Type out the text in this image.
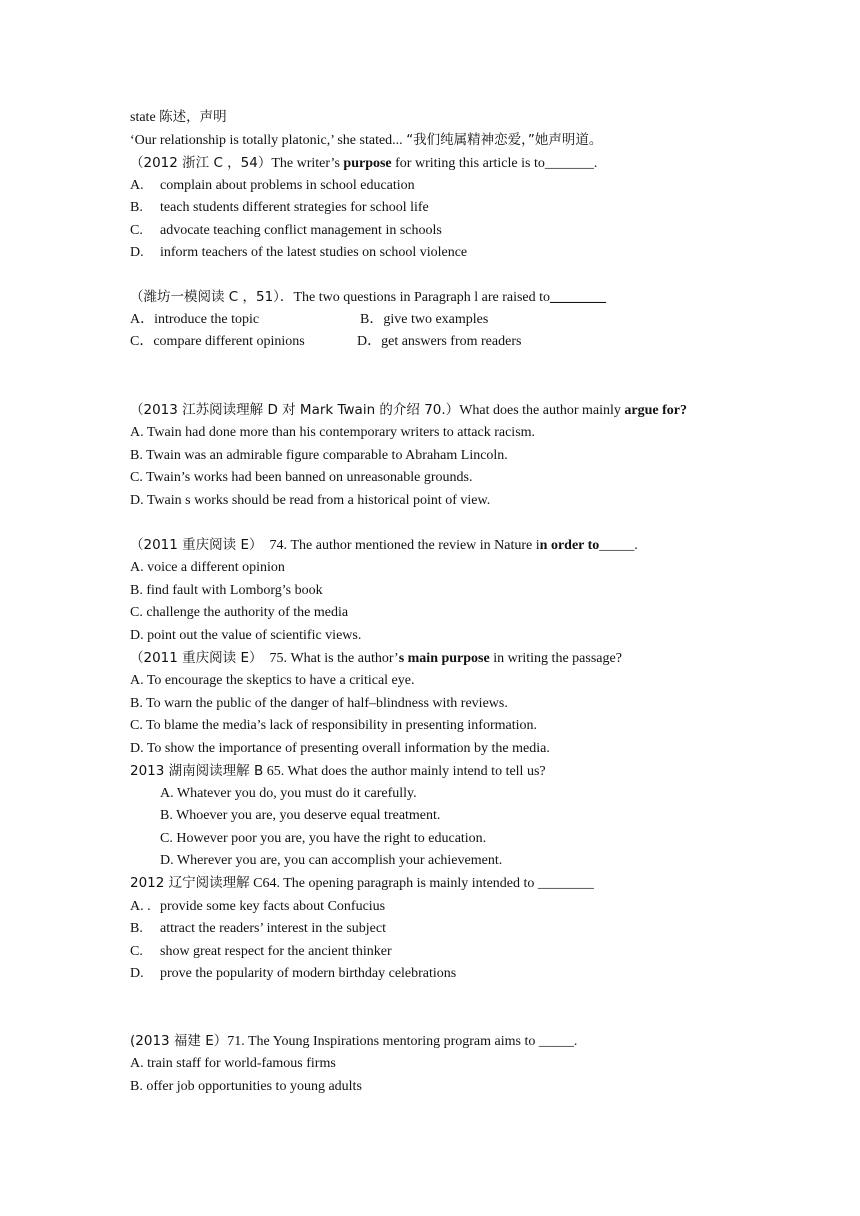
state 陈述，声明
‘Our relationship is totally platonic,’ she stated... “我们纯属精神恋爱，”她声明道。
（2012 浙江 C ，54）The writer’s purpose for writing this article is to_______.
A. complain about problems in school education
B. teach students different strategies for school life
C. advocate teaching conflict management in schools
D. inform teachers of the latest studies on school violence
（潍坊一模阅读 C ，51）．The two questions in Paragraph l are raised to________
A．introduce the topic	B．give two examples
C．compare different opinions	D．get answers from readers
（2013 江苏阅读理解 D 对 Mark Twain 的介绍 70.）What does the author mainly argue for?
A. Twain had done more than his contemporary writers to attack racism.
B. Twain was an admirable figure comparable to Abraham Lincoln.
C. Twain’s works had been banned on unreasonable grounds.
D. Twain s works should be read from a historical point of view.
（2011 重庆阅读 E） 74. The author mentioned the review in Nature in order to_____.
A. voice a different opinion
B. find fault with Lomborg’s book
C. challenge the authority of the media
D. point out the value of scientific views.
（2011 重庆阅读 E） 75. What is the author’s main purpose in writing the passage?
A. To encourage the skeptics to have a critical eye.
B. To warn the public of the danger of half–blindness with reviews.
C. To blame the media’s lack of responsibility in presenting information.
D. To show the importance of presenting overall information by the media.
2013 湖南阅读理解 B 65. What does the author mainly intend to tell us?
A. Whatever you do, you must do it carefully.
B. Whoever you are, you deserve equal treatment.
C. However poor you are, you have the right to education.
D. Wherever you are, you can accomplish your achievement.
2012 辽宁阅读理解 C64. The opening paragraph is mainly intended to ________
A. . provide some key facts about Confucius
B. attract the readers’ interest in the subject
C. show great respect for the ancient thinker
D. prove the popularity of modern birthday celebrations
(2013 福建 E）71. The Young Inspirations mentoring program aims to _____.
A. train staff for world-famous firms
B. offer job opportunities to young adults
